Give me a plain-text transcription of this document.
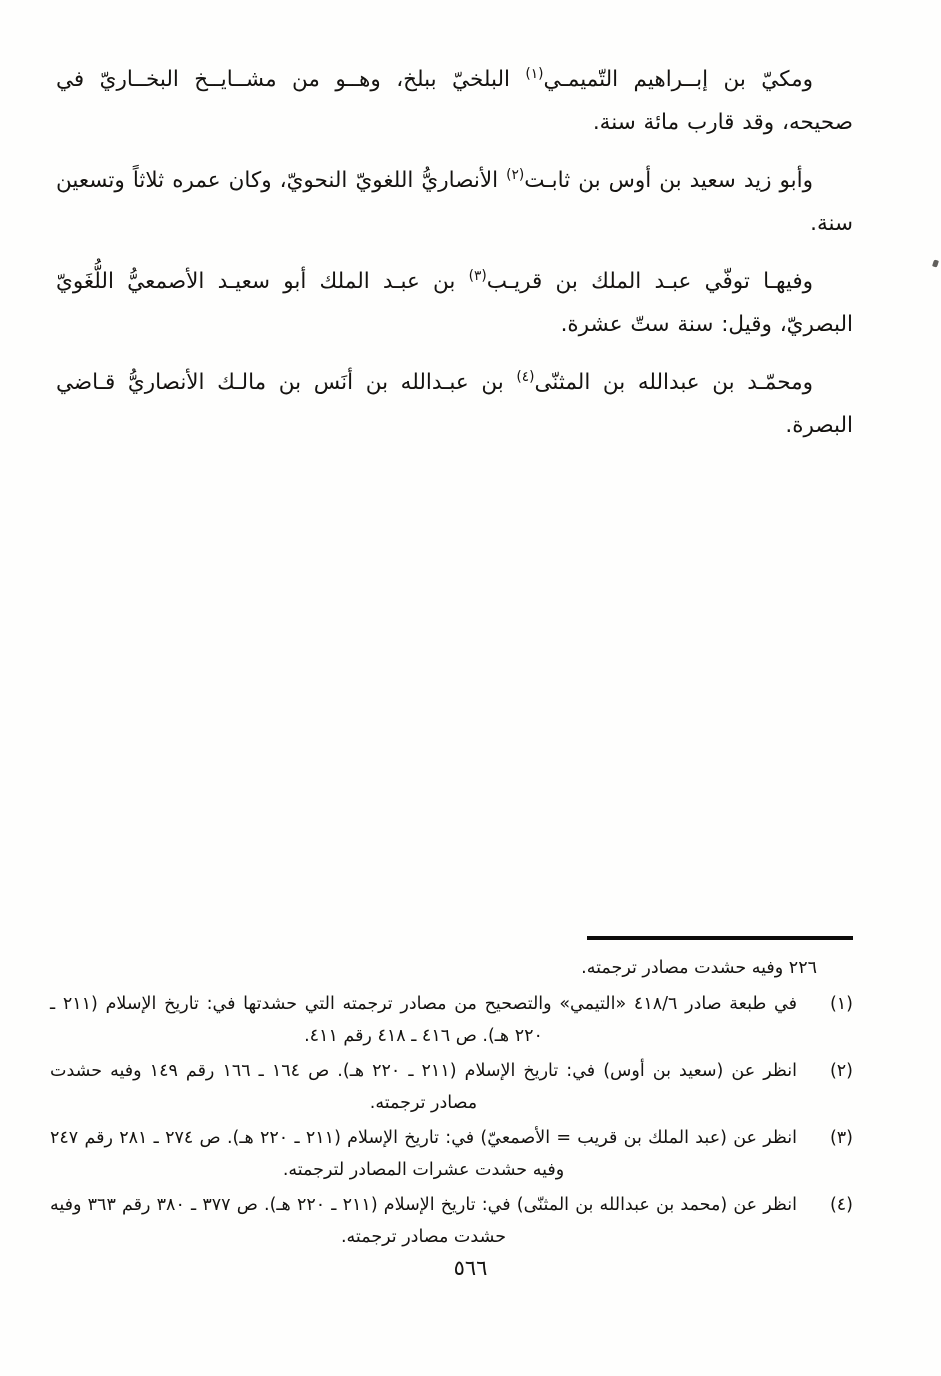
ومكيّ بن إبــراهيم التّميمـي$^{(١)}$ البلخيّ ببلخ، وهــو من مشــايــخ البخــاريّ في صحيحه، وقد قارب مائة سنة.

وأبو زيد سعيد بن أوس بن ثابـت$^{(٢)}$ الأنصاريُّ اللغويّ النحويّ، وكان عمره ثلاثاً وتسعين سنة.

وفيهـا توفّي عبـد الملك بن قريـب$^{(٣)}$ بن عبـد الملك أبو سعيـد الأصمعيُّ اللُّغَويّ البصريّ، وقيل: سنة ستّ عشرة.

ومحمّـد بن عبدالله بن المثنّى$^{(٤)}$ بن عبـدالله بن أنَس بن مالـك الأنصاريُّ قـاضي البصرة.

٢٢٦ وفيه حشدت مصادر ترجمته.

(١)
في طبعة صادر ٤١٨/٦ «التيمي» والتصحيح من مصادر ترجمته التي حشدتها في: تاريخ الإسلام (٢١١ ـ ٢٢٠ هـ). ص ٤١٦ ـ ٤١٨ رقم ٤١١.
(٢)
انظر عن (سعيد بن أوس) في: تاريخ الإسلام (٢١١ ـ ٢٢٠ هـ). ص ١٦٤ ـ ١٦٦ رقم ١٤٩ وفيه حشدت مصادر ترجمته.
(٣)
انظر عن (عبد الملك بن قريب = الأصمعيّ) في: تاريخ الإسلام (٢١١ ـ ٢٢٠ هـ). ص ٢٧٤ ـ ٢٨١ رقم ٢٤٧ وفيه حشدت عشرات المصادر لترجمته.
(٤)
انظر عن (محمد بن عبدالله بن المثنّى) في: تاريخ الإسلام (٢١١ ـ ٢٢٠ هـ). ص ٣٧٧ ـ ٣٨٠ رقم ٣٦٣ وفيه حشدت مصادر ترجمته.
٥٦٦
